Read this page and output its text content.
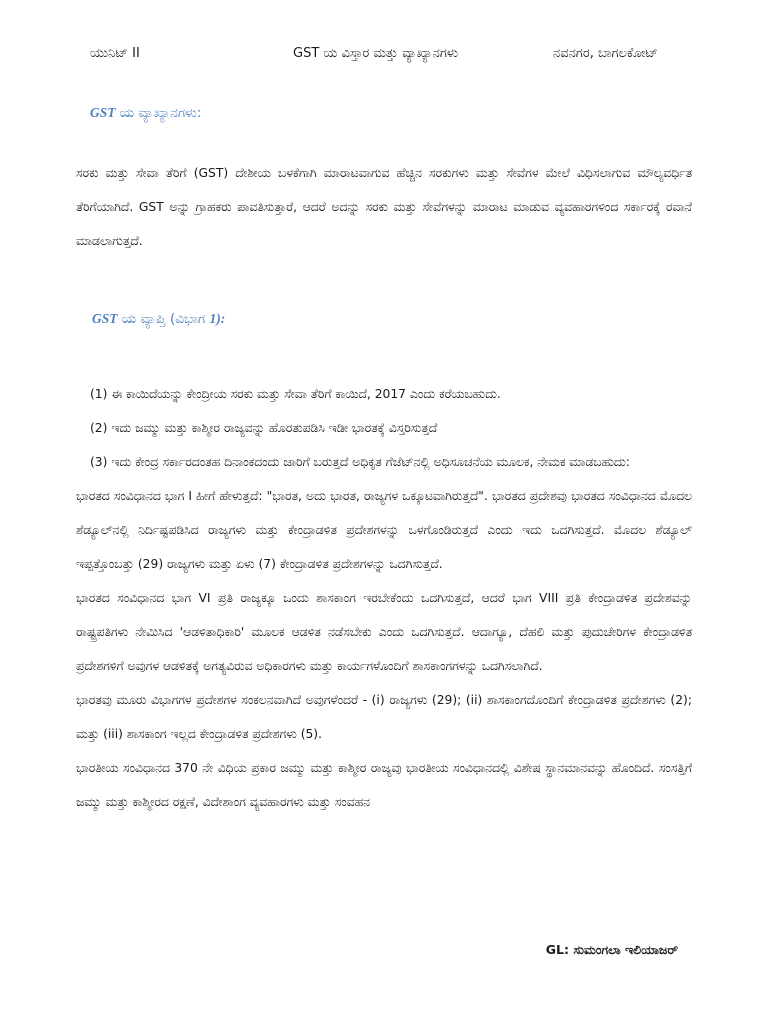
ಯುನಿಟ್ II	GST ಯ ವಿಸ್ತಾರ ಮತ್ತು ವ್ಯಾಖ್ಯಾನಗಳು	ನವನಗರ, ಬಾಗಲಕೋಟ್
GST ಯ ವ್ಯಾಖ್ಯಾನಗಳು:

ಸರಕು ಮತ್ತು ಸೇವಾ ತೆರಿಗೆ (GST) ದೇಶೀಯ ಬಳಕೆಗಾಗಿ ಮಾರಾಟವಾಗುವ ಹೆಚ್ಚಿನ ಸರಕುಗಳು ಮತ್ತು ಸೇವೆಗಳ ಮೇಲೆ ವಿಧಿಸಲಾಗುವ ಮೌಲ್ಯವರ್ಧಿತ ತೆರಿಗೆಯಾಗಿದೆ. GST ಅನ್ನು ಗ್ರಾಹಕರು ಪಾವತಿಸುತ್ತಾರೆ, ಆದರೆ ಅದನ್ನು ಸರಕು ಮತ್ತು ಸೇವೆಗಳನ್ನು ಮಾರಾಟ ಮಾಡುವ ವ್ಯವಹಾರಗಳಿಂದ ಸರ್ಕಾರಕ್ಕೆ ರವಾನೆ ಮಾಡಲಾಗುತ್ತದೆ.

GST ಯ ವ್ಯಾಪ್ತಿ (ವಿಭಾಗ 1):

(1) ಈ ಕಾಯಿದೆಯನ್ನು ಕೇಂದ್ರೀಯ ಸರಕು ಮತ್ತು ಸೇವಾ ತೆರಿಗೆ ಕಾಯಿದೆ, 2017 ಎಂದು ಕರೆಯಬಹುದು.

(2) ಇದು ಜಮ್ಮು ಮತ್ತು ಕಾಶ್ಮೀರ ರಾಜ್ಯವನ್ನು ಹೊರತುಪಡಿಸಿ ಇಡೀ ಭಾರತಕ್ಕೆ ವಿಸ್ತರಿಸುತ್ತದೆ

(3) ಇದು ಕೇಂದ್ರ ಸರ್ಕಾರದಂತಹ ದಿನಾಂಕದಂದು ಜಾರಿಗೆ ಬರುತ್ತದೆ ಅಧಿಕೃತ ಗೆಜೆಟ್‌ನಲ್ಲಿ ಅಧಿಸೂಚನೆಯ ಮೂಲಕ, ನೇಮಕ ಮಾಡಬಹುದು:

ಭಾರತದ ಸಂವಿಧಾನದ ಭಾಗ I ಹೀಗೆ ಹೇಳುತ್ತದೆ: "ಭಾರತ, ಅದು ಭಾರತ, ರಾಜ್ಯಗಳ ಒಕ್ಕೂಟವಾಗಿರುತ್ತದೆ". ಭಾರತದ ಪ್ರದೇಶವು ಭಾರತದ ಸಂವಿಧಾನದ ಮೊದಲ ಶೆಡ್ಯೂಲ್‌ನಲ್ಲಿ ನಿರ್ದಿಷ್ಟಪಡಿಸಿದ ರಾಜ್ಯಗಳು ಮತ್ತು ಕೇಂದ್ರಾಡಳಿತ ಪ್ರದೇಶಗಳನ್ನು ಒಳಗೊಂಡಿರುತ್ತದೆ ಎಂದು ಇದು ಒದಗಿಸುತ್ತದೆ. ಮೊದಲ ಶೆಡ್ಯೂಲ್ ಇಪ್ಪತ್ತೊಂಬತ್ತು (29) ರಾಜ್ಯಗಳು ಮತ್ತು ಏಳು (7) ಕೇಂದ್ರಾಡಳಿತ ಪ್ರದೇಶಗಳನ್ನು ಒದಗಿಸುತ್ತದೆ.

ಭಾರತದ ಸಂವಿಧಾನದ ಭಾಗ VI ಪ್ರತಿ ರಾಜ್ಯಕ್ಕೂ ಒಂದು ಶಾಸಕಾಂಗ ಇರಬೇಕೆಂದು ಒದಗಿಸುತ್ತದೆ, ಆದರೆ ಭಾಗ VIII ಪ್ರತಿ ಕೇಂದ್ರಾಡಳಿತ ಪ್ರದೇಶವನ್ನು ರಾಷ್ಟ್ರಪತಿಗಳು ನೇಮಿಸಿದ 'ಆಡಳಿತಾಧಿಕಾರಿ' ಮೂಲಕ ಆಡಳಿತ ನಡೆಸಬೇಕು ಎಂದು ಒದಗಿಸುತ್ತದೆ. ಆದಾಗ್ಯೂ, ದೆಹಲಿ ಮತ್ತು ಪುದುಚೇರಿಗಳ ಕೇಂದ್ರಾಡಳಿತ ಪ್ರದೇಶಗಳಿಗೆ ಅವುಗಳ ಆಡಳಿತಕ್ಕೆ ಅಗತ್ಯವಿರುವ ಅಧಿಕಾರಗಳು ಮತ್ತು ಕಾರ್ಯಗಳೊಂದಿಗೆ ಶಾಸಕಾಂಗಗಳನ್ನು ಒದಗಿಸಲಾಗಿದೆ.

ಭಾರತವು ಮೂರು ವಿಭಾಗಗಳ ಪ್ರದೇಶಗಳ ಸಂಕಲನವಾಗಿದೆ ಅವುಗಳೆಂದರೆ - (i) ರಾಜ್ಯಗಳು (29); (ii) ಶಾಸಕಾಂಗದೊಂದಿಗೆ ಕೇಂದ್ರಾಡಳಿತ ಪ್ರದೇಶಗಳು (2); ಮತ್ತು (iii) ಶಾಸಕಾಂಗ ಇಲ್ಲದ ಕೇಂದ್ರಾಡಳಿತ ಪ್ರದೇಶಗಳು (5).

ಭಾರತೀಯ ಸಂವಿಧಾನದ 370 ನೇ ವಿಧಿಯ ಪ್ರಕಾರ ಜಮ್ಮು ಮತ್ತು ಕಾಶ್ಮೀರ ರಾಜ್ಯವು ಭಾರತೀಯ ಸಂವಿಧಾನದಲ್ಲಿ ವಿಶೇಷ ಸ್ಥಾನಮಾನವನ್ನು ಹೊಂದಿದೆ. ಸಂಸತ್ತಿಗೆ ಜಮ್ಮು ಮತ್ತು ಕಾಶ್ಮೀರದ ರಕ್ಷಣೆ, ವಿದೇಶಾಂಗ ವ್ಯವಹಾರಗಳು ಮತ್ತು ಸಂವಹನ

GL: ಸುಮಂಗಲಾ ಇಲಿಯಾಜರ್
